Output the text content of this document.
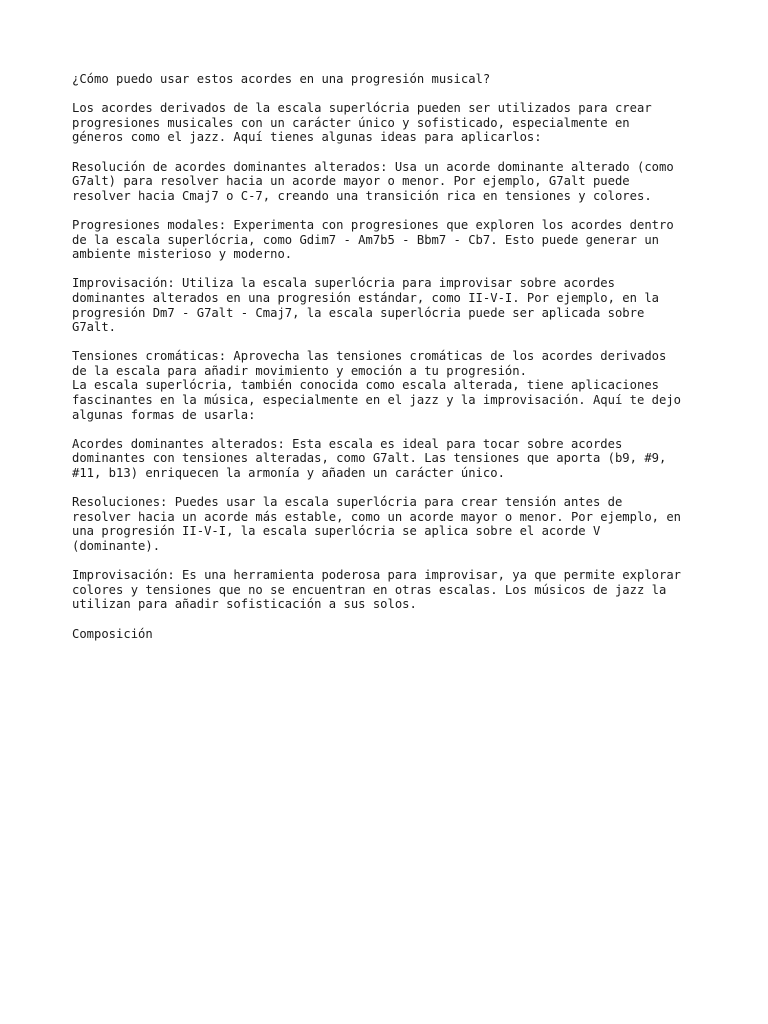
¿Cómo puedo usar estos acordes en una progresión musical?
Los acordes derivados de la escala superlócria pueden ser utilizados para crear
progresiones musicales con un carácter único y sofisticado, especialmente en
géneros como el jazz. Aquí tienes algunas ideas para aplicarlos:
Resolución de acordes dominantes alterados: Usa un acorde dominante alterado (como
G7alt) para resolver hacia un acorde mayor o menor. Por ejemplo, G7alt puede
resolver hacia Cmaj7 o C-7, creando una transición rica en tensiones y colores.
Progresiones modales: Experimenta con progresiones que exploren los acordes dentro
de la escala superlócria, como Gdim7 - Am7b5 - Bbm7 - Cb7. Esto puede generar un
ambiente misterioso y moderno.
Improvisación: Utiliza la escala superlócria para improvisar sobre acordes
dominantes alterados en una progresión estándar, como II-V-I. Por ejemplo, en la
progresión Dm7 - G7alt - Cmaj7, la escala superlócria puede ser aplicada sobre
G7alt.
Tensiones cromáticas: Aprovecha las tensiones cromáticas de los acordes derivados
de la escala para añadir movimiento y emoción a tu progresión.
La escala superlócria, también conocida como escala alterada, tiene aplicaciones
fascinantes en la música, especialmente en el jazz y la improvisación. Aquí te dejo
algunas formas de usarla:
Acordes dominantes alterados: Esta escala es ideal para tocar sobre acordes
dominantes con tensiones alteradas, como G7alt. Las tensiones que aporta (b9, #9,
#11, b13) enriquecen la armonía y añaden un carácter único.
Resoluciones: Puedes usar la escala superlócria para crear tensión antes de
resolver hacia un acorde más estable, como un acorde mayor o menor. Por ejemplo, en
una progresión II-V-I, la escala superlócria se aplica sobre el acorde V
(dominante).
Improvisación: Es una herramienta poderosa para improvisar, ya que permite explorar
colores y tensiones que no se encuentran en otras escalas. Los músicos de jazz la
utilizan para añadir sofisticación a sus solos.
Composición
